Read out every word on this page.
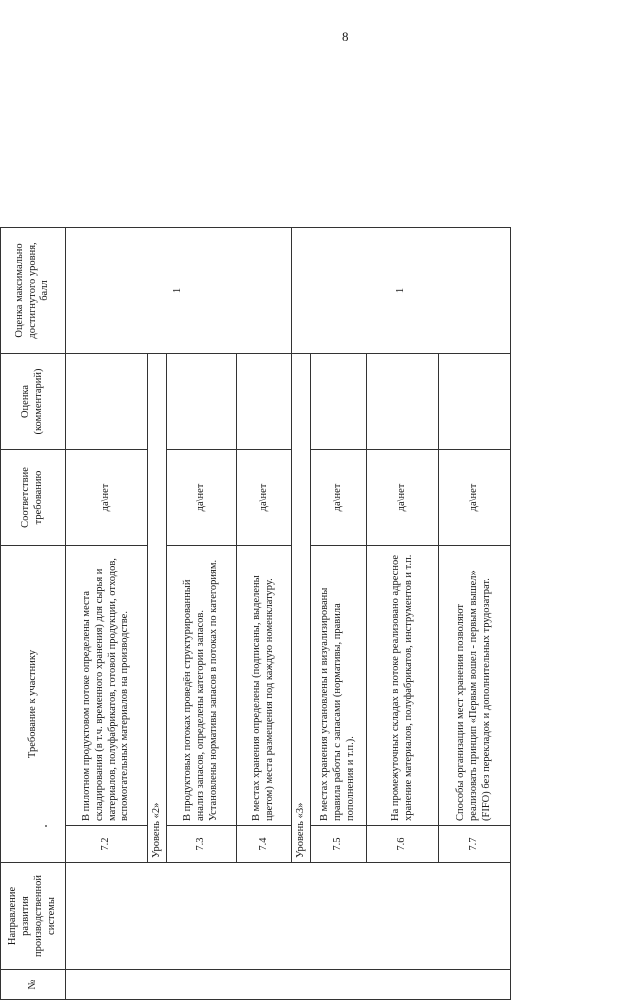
8
№	Направление развития производственной системы	Требование к участнику		Соответствие требованию	Оценка (комментарий)	Оценка максимально достигнутого уровня, балл
		7.2	В пилотном продуктовом потоке определены места складирования (в т.ч. временного хранения) для сырья и материалов, полуфабрикатов, готовой продукции, отходов, вспомогательных материалов на производстве.	да\нет		1
		Уровень «2»				
		7.3	В продуктовых потоках проведён структурированный анализ запасов, определены категории запасов. Установлены нормативы запасов в потоках по категориям.	да\нет		
		7.4	В местах хранения определены (подписаны, выделены цветом) места размещения под каждую номенклатуру.	да\нет		
		Уровень «3»				1
		7.5	В местах хранения установлены и визуализированы правила работы с запасами (нормативы, правила пополнения и т.п.).	да\нет		
		7.6	На промежуточных складах в потоке реализовано адресное хранение материалов, полуфабрикатов, инструментов и т.п.	да\нет		
		7.7	Способы организации мест хранения позволяют реализовать принцип «Первым вошел - первым вышел» (FIFO) без перекладок и дополнительных трудозатрат.	да\нет		
